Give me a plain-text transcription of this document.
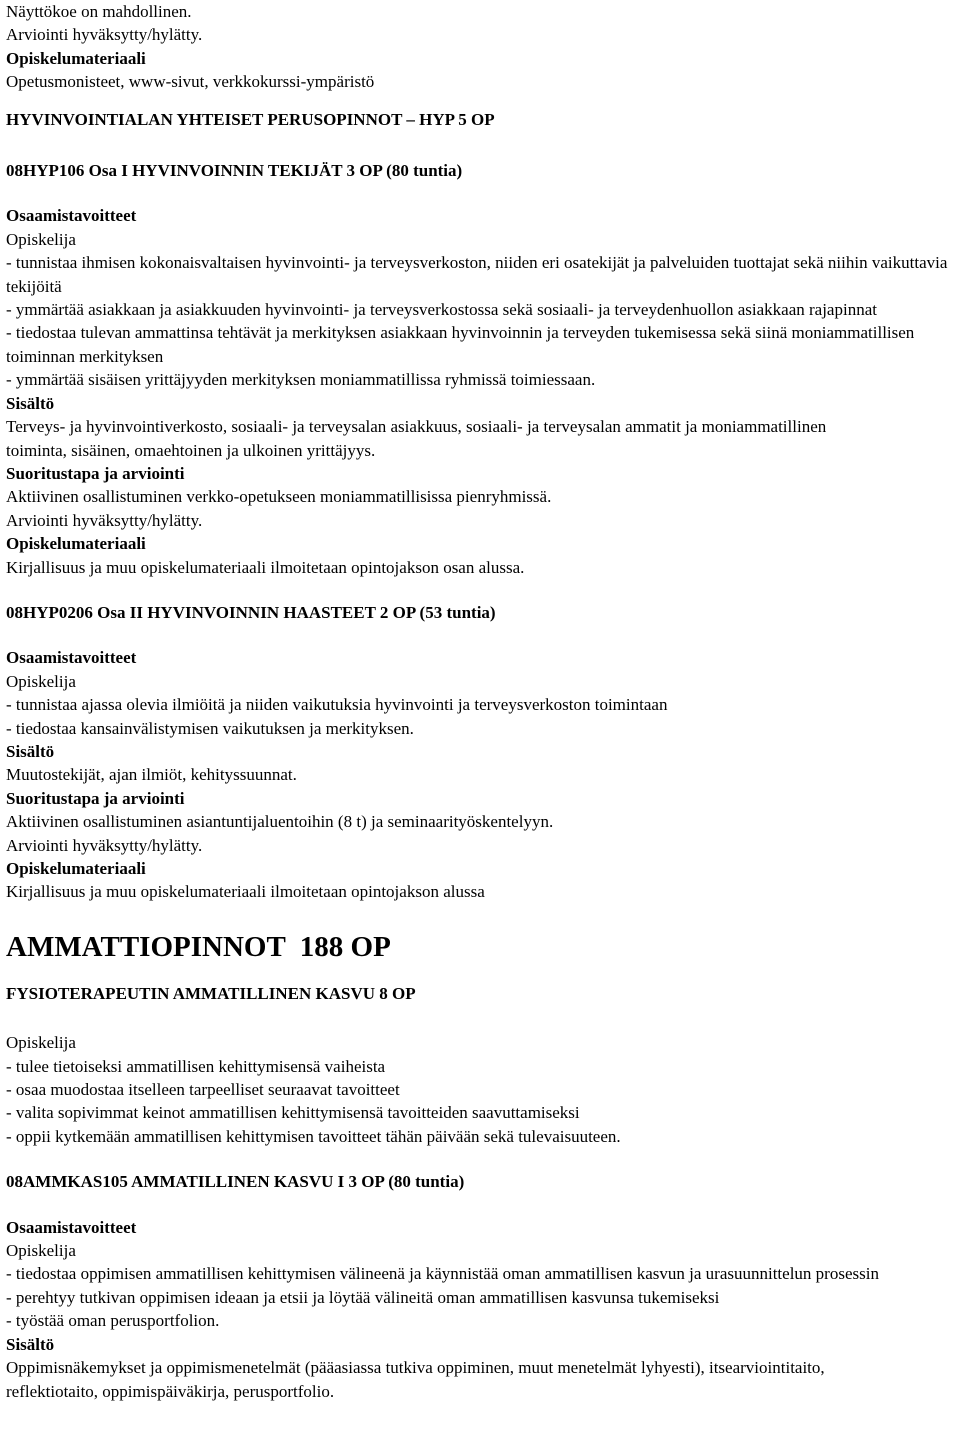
Näyttökoe on mahdollinen.
Arviointi hyväksytty/hylätty.
Opiskelumateriaali
Opetusmonisteet, www-sivut, verkkokurssi-ympäristö
HYVINVOINTIALAN YHTEISET PERUSOPINNOT – HYP 5 OP
08HYP106 Osa I HYVINVOINNIN TEKIJÄT 3 OP (80 tuntia)
Osaamistavoitteet
Opiskelija
- tunnistaa ihmisen kokonaisvaltaisen hyvinvointi- ja terveysverkoston, niiden eri osatekijät ja palveluiden tuottajat sekä niihin vaikuttavia tekijöitä
- ymmärtää asiakkaan ja asiakkuuden hyvinvointi- ja terveysverkostossa sekä sosiaali- ja terveydenhuollon asiakkaan rajapinnat
- tiedostaa tulevan ammattinsa tehtävät ja merkityksen asiakkaan hyvinvoinnin ja terveyden tukemisessa sekä siinä moniammatillisen toiminnan merkityksen
- ymmärtää sisäisen yrittäjyyden merkityksen moniammatillissa ryhmissä toimiessaan.
Sisältö
Terveys- ja hyvinvointiverkosto, sosiaali- ja terveysalan asiakkuus, sosiaali- ja terveysalan ammatit ja moniammatillinen toiminta, sisäinen, omaehtoinen ja ulkoinen yrittäjyys.
Suoritustapa ja arviointi
Aktiivinen osallistuminen verkko-opetukseen moniammatillisissa pienryhmissä.
Arviointi hyväksytty/hylätty.
Opiskelumateriaali
Kirjallisuus ja muu opiskelumateriaali ilmoitetaan opintojakson osan alussa.
08HYP0206 Osa II HYVINVOINNIN HAASTEET 2 OP (53 tuntia)
Osaamistavoitteet
Opiskelija
- tunnistaa ajassa olevia ilmiöitä ja niiden vaikutuksia hyvinvointi ja terveysverkoston toimintaan
- tiedostaa kansainvälistymisen vaikutuksen ja merkityksen.
Sisältö
Muutostekijät, ajan ilmiöt, kehityssuunnat.
Suoritustapa ja arviointi
Aktiivinen osallistuminen asiantuntijaluentoihin (8 t) ja seminaarityöskentelyyn.
Arviointi hyväksytty/hylätty.
Opiskelumateriaali
Kirjallisuus ja muu opiskelumateriaali ilmoitetaan opintojakson alussa
AMMATTIOPINNOT  188 OP
FYSIOTERAPEUTIN AMMATILLINEN KASVU 8 OP
Opiskelija
- tulee tietoiseksi ammatillisen kehittymisensä vaiheista
- osaa muodostaa itselleen tarpeelliset seuraavat tavoitteet
- valita sopivimmat keinot ammatillisen kehittymisensä tavoitteiden saavuttamiseksi
- oppii kytkemään ammatillisen kehittymisen tavoitteet tähän päivään sekä tulevaisuuteen.
08AMMKAS105 AMMATILLINEN KASVU I 3 OP (80 tuntia)
Osaamistavoitteet
Opiskelija
- tiedostaa oppimisen ammatillisen kehittymisen välineenä ja käynnistää oman ammatillisen kasvun ja urasuunnittelun prosessin
- perehtyy tutkivan oppimisen ideaan ja etsii ja löytää välineitä oman ammatillisen kasvunsa tukemiseksi
- työstää oman perusportfolion.
Sisältö
Oppimisnäkemykset ja oppimismenetelmät (pääasiassa tutkiva oppiminen, muut menetelmät lyhyesti), itsearviointitaito, reflektiotaito, oppimispäiväkirja, perusportfolio.
